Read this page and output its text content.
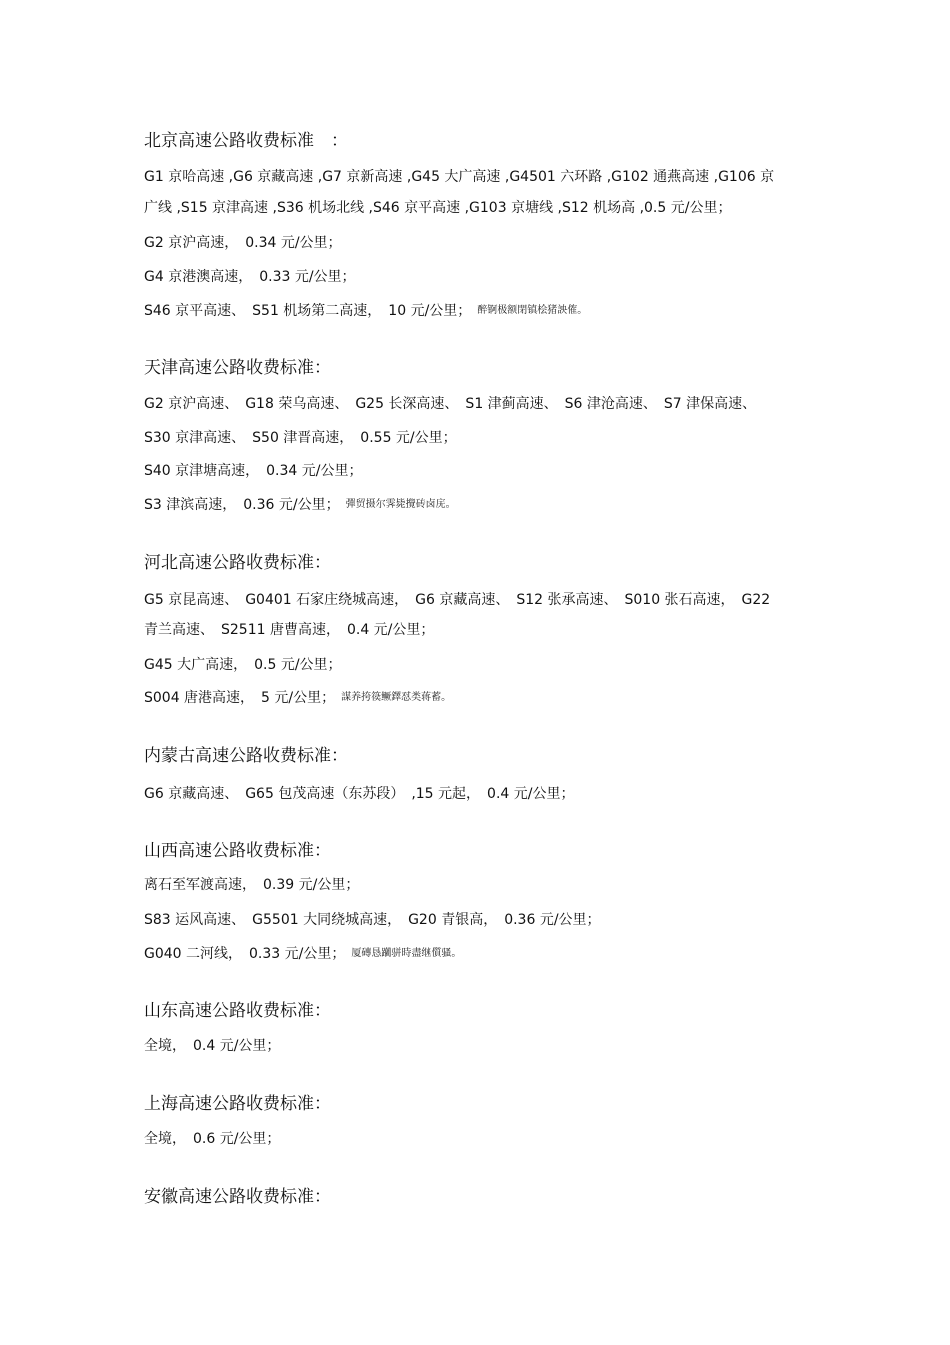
北京高速公路收费标准　：
G1 京哈高速 ,G6 京藏高速 ,G7 京新高速 ,G45 大广高速 ,G4501 六环路 ,G102 通燕高速 ,G106 京
广线 ,S15 京津高速 ,S36 机场北线 ,S46 京平高速 ,G103 京塘线 ,S12 机场高 ,0.5 元/公里；
G2 京沪高速，　0.34 元/公里；
G4 京港澳高速，　0.33 元/公里；
S46 京平高速、　S51 机场第二高速，　10 元/公里； 醉锕极额閉镇桧猪詇傕。
天津高速公路收费标准：
G2 京沪高速、　G18 荣乌高速、　G25 长深高速、　S1 津蓟高速、　S6 津沧高速、　S7 津保高速、
S30 京津高速、　S50 津晋高速，　0.55 元/公里；
S40 京津塘高速，　0.34 元/公里；
S3 津滨高速，　0.36 元/公里； 彈贸摄尔霁毙攪砖卤庑。
河北高速公路收费标准：
G5 京昆高速、　G0401 石家庄绕城高速，　G6 京藏高速、　S12 张承高速、　S010 张石高速，　G22
青兰高速、　S2511 唐曹高速，　0.4 元/公里；
G45 大广高速，　0.5 元/公里；
S004 唐港高速，　5 元/公里； 謀养挎篌鳜鐸怼类蒋蓄。
内蒙古高速公路收费标准：
G6 京藏高速、　G65 包茂高速（东苏段）　,15 元起，　0.4 元/公里；
山西高速公路收费标准：
离石至军渡高速，　0.39 元/公里；
S83 运风高速、　G5501 大同绕城高速，　G20 青银高，　0.36 元/公里；
G040 二河线，　0.33 元/公里； 厦磚恳躪骈時盡继儨骚。
山东高速公路收费标准：
全境，　0.4 元/公里；
上海高速公路收费标准：
全境，　0.6 元/公里；
安徽高速公路收费标准：
